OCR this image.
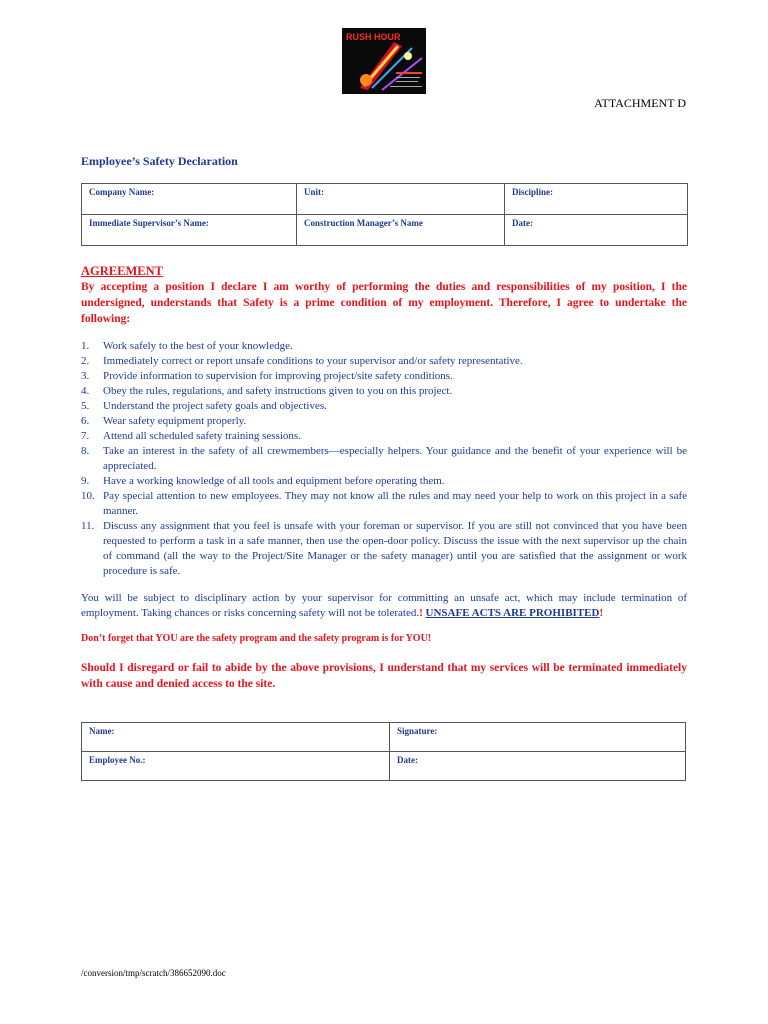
RUSH HOUR
ATTACHMENT D
Employee’s Safety Declaration
Company Name:	Unit:	Discipline:
Immediate Supervisor’s Name:	Construction Manager’s Name	Date:
AGREEMENT
By accepting a position I declare I am worthy of performing the duties and responsibilities of my position, I the undersigned, understands that Safety is a prime condition of my employment. Therefore, I agree to undertake the following:
1.	Work safely to the best of your knowledge.
2.	Immediately correct or report unsafe conditions to your supervisor and/or safety representative.
3.	Provide information to supervision for improving project/site safety conditions.
4.	Obey the rules, regulations, and safety instructions given to you on this project.
5.	Understand the project safety goals and objectives.
6.	Wear safety equipment properly.
7.	Attend all scheduled safety training sessions.
8.	Take an interest in the safety of all crewmembers—especially helpers. Your guidance and the benefit of your experience will be appreciated.
9.	Have a working knowledge of all tools and equipment before operating them.
10. Pay special attention to new employees. They may not know all the rules and may need your help to work on this project in a safe manner.
11. Discuss any assignment that you feel is unsafe with your foreman or supervisor. If you are still not convinced that you have been requested to perform a task in a safe manner, then use the open-door policy. Discuss the issue with the next supervisor up the chain of command (all the way to the Project/Site Manager or the safety manager) until you are satisfied that the assignment or work procedure is safe.
You will be subject to disciplinary action by your supervisor for committing an unsafe act, which may include termination of employment. Taking chances or risks concerning safety will not be tolerated.! UNSAFE ACTS ARE PROHIBITED!
Don’t forget that YOU are the safety program and the safety program is for YOU!
Should I disregard or fail to abide by the above provisions, I understand that my services will be terminated immediately with cause and denied access to the site.
Name:	Signature:
Employee No.:	Date:
/conversion/tmp/scratch/386652090.doc
